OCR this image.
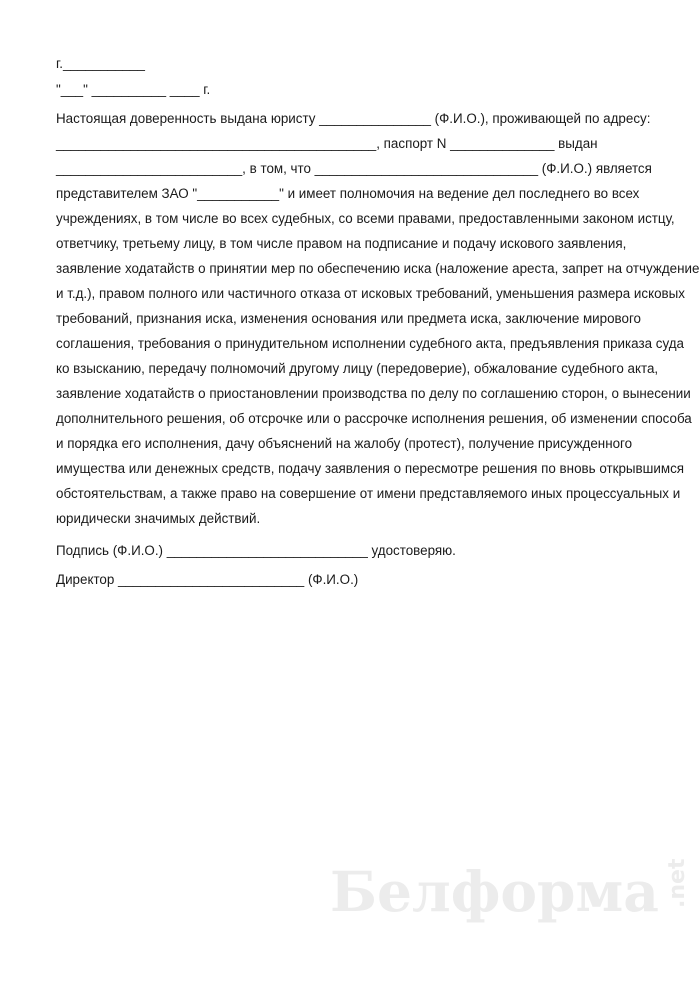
г.___________
"___" __________ ____ г.
Настоящая доверенность выдана юристу _______________ (Ф.И.О.), проживающей по адресу:
___________________________________________, паспорт N ______________ выдан
_________________________, в том, что ______________________________ (Ф.И.О.) является
представителем ЗАО "___________" и имеет полномочия на ведение дел последнего во всех
учреждениях, в том числе во всех судебных, со всеми правами, предоставленными законом истцу,
ответчику, третьему лицу, в том числе правом на подписание и подачу искового заявления,
заявление ходатайств о принятии мер по обеспечению иска (наложение ареста, запрет на отчуждение
и т.д.), правом полного или частичного отказа от исковых требований, уменьшения размера исковых
требований, признания иска, изменения основания или предмета иска, заключение мирового
соглашения, требования о принудительном исполнении судебного акта, предъявления приказа суда
ко взысканию, передачу полномочий другому лицу (передоверие), обжалование судебного акта,
заявление ходатайств о приостановлении производства по делу по соглашению сторон, о вынесении
дополнительного решения, об отсрочке или о рассрочке исполнения решения, об изменении способа
и порядка его исполнения, дачу объяснений на жалобу (протест), получение присужденного
имущества или денежных средств, подачу заявления о пересмотре решения по вновь открывшимся
обстоятельствам, а также право на совершение от имени представляемого иных процессуальных и
юридически значимых действий.
Подпись (Ф.И.О.) ___________________________ удостоверяю.
Директор _________________________ (Ф.И.О.)
Белформа .net
